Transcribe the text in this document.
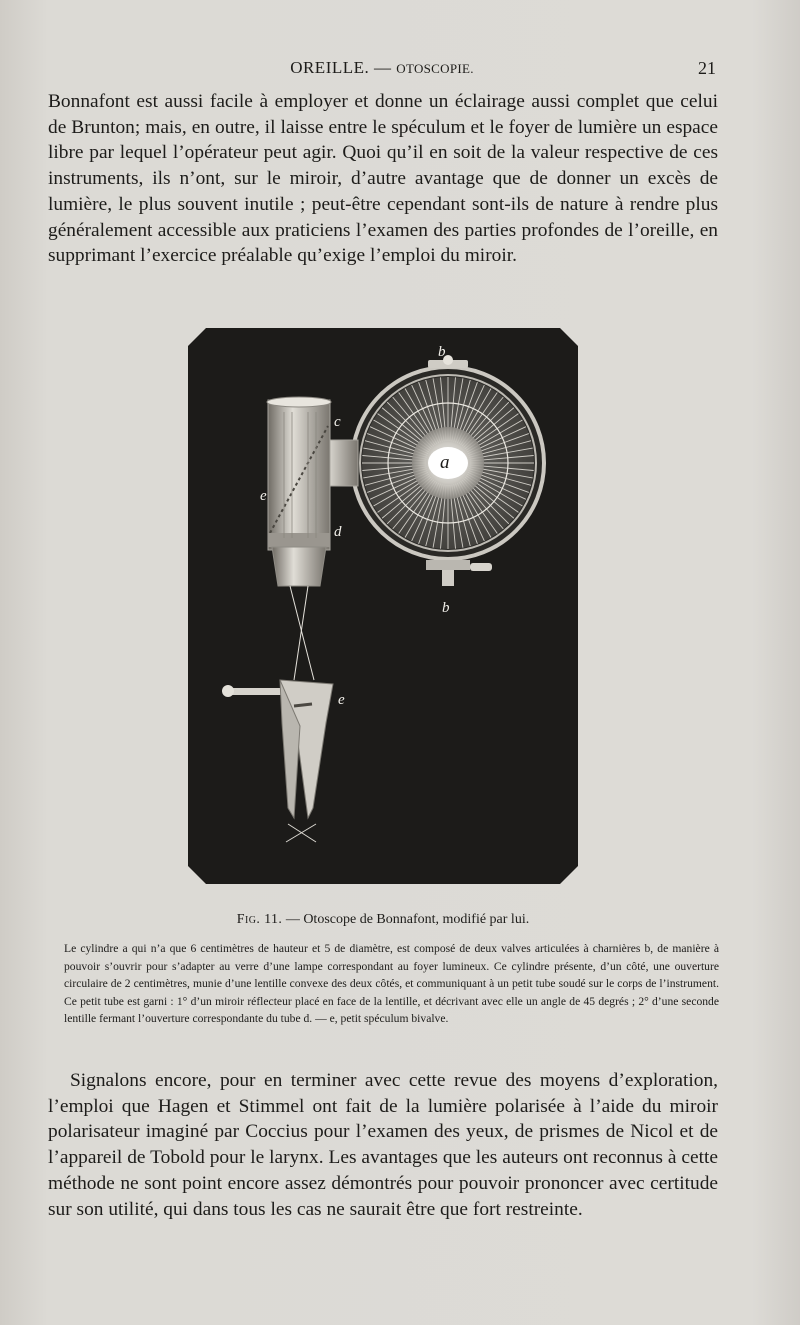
OREILLE. — OTOSCOPIE.	21

Bonnafont est aussi facile à employer et donne un éclairage aussi complet que celui de Brunton; mais, en outre, il laisse entre le spéculum et le foyer de lumière un espace libre par lequel l’opérateur peut agir. Quoi qu’il en soit de la valeur respective de ces instruments, ils n’ont, sur le miroir, d’autre avantage que de donner un excès de lumière, le plus souvent inutile ; peut-être cependant sont-ils de nature à rendre plus généralement accessible aux praticiens l’examen des parties profondes de l’oreille, en supprimant l’exercice préalable qu’exige l’emploi du miroir.

b
a
c
e
d
b
e
Fig. 11. — Otoscope de Bonnafont, modifié par lui.

Le cylindre a qui n’a que 6 centimètres de hauteur et 5 de diamètre, est composé de deux valves articulées à charnières b, de manière à pouvoir s’ouvrir pour s’adapter au verre d’une lampe correspondant au foyer lumineux. Ce cylindre présente, d’un côté, une ouverture circulaire de 2 centimètres, munie d’une lentille convexe des deux côtés, et communiquant à un petit tube soudé sur le corps de l’instrument. Ce petit tube est garni : 1° d’un miroir réflecteur placé en face de la lentille, et décrivant avec elle un angle de 45 degrés ; 2° d’une seconde lentille fermant l’ouverture correspondante du tube d. — e, petit spéculum bivalve.

Signalons encore, pour en terminer avec cette revue des moyens d’exploration, l’emploi que Hagen et Stimmel ont fait de la lumière polarisée à l’aide du miroir polarisateur imaginé par Coccius pour l’examen des yeux, de prismes de Nicol et de l’appareil de Tobold pour le larynx. Les avantages que les auteurs ont reconnus à cette méthode ne sont point encore assez démontrés pour pouvoir prononcer avec certitude sur son utilité, qui dans tous les cas ne saurait être que fort restreinte.
